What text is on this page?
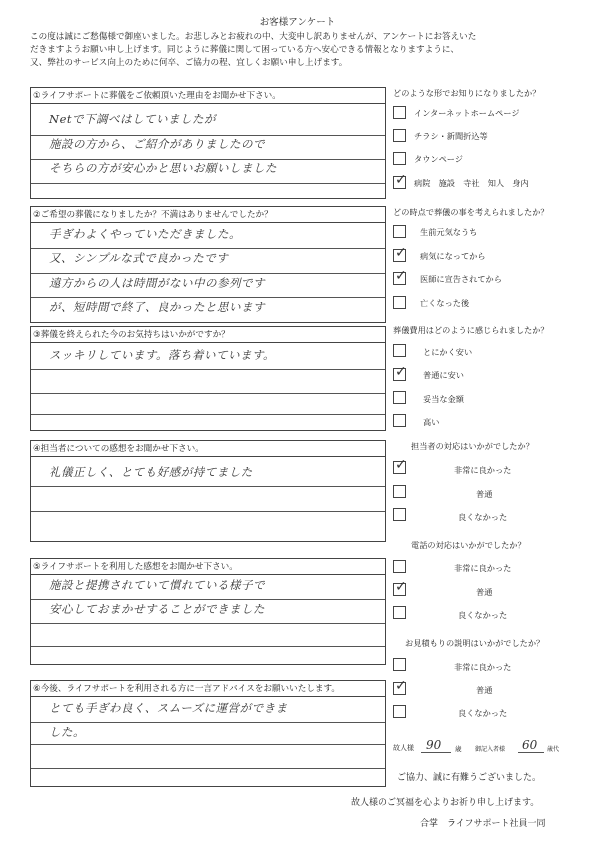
お客様アンケート
この度は誠にご愁傷様で御座いました。お悲しみとお疲れの中、大変申し訳ありませんが、アンケートにお答えいた
だきますようお願い申し上げます。同じように葬儀に関して困っている方へ安心できる情報となりますように、
又、弊社のサービス向上のために何卒、ご協力の程、宜しくお願い申し上げます。
①ライフサポートに葬儀をご依頼頂いた理由をお聞かせ下さい。
Netで下調べはしていましたが
施設の方から、ご紹介がありましたので
そちらの方が安心かと思いお願いしました
②ご希望の葬儀になりましたか？不満はありませんでしたか？
手ぎわよくやっていただきました。
又、シンプルな式で良かったです
遠方からの人は時間がない中の参列です
が、短時間で終了、良かったと思います
③葬儀を終えられた今のお気持ちはいかがですか？
スッキリしています。落ち着いています。
④担当者についての感想をお聞かせ下さい。
礼儀正しく、とても好感が持てました
⑤ライフサポートを利用した感想をお聞かせ下さい。
施設と提携されていて慣れている様子で
安心しておまかせすることができました
⑥今後、ライフサポートを利用される方に一言アドバイスをお願いいたします。
とても手ぎわ良く、スムーズに運営ができま
した。
どのような形でお知りになりましたか？
インターネットホームページ
チラシ・新聞折込等
タウンページ
✓ 病院　施設　寺社　知人　身内
どの時点で葬儀の事を考えられましたか？
生前元気なうち
✓ 病気になってから
✓ 医師に宣告されてから
亡くなった後
葬儀費用はどのように感じられましたか？
とにかく安い
✓ 普通に安い
妥当な金額
高い
担当者の対応はいかがでしたか？
✓	非常に良かった
普通
良くなかった
電話の対応はいかがでしたか？
非常に良かった
✓	普通
良くなかった
お見積もりの説明はいかがでしたか？
非常に良かった
✓	普通
良くなかった
故人様 90 歳 御記入者様 60 歳代
ご協力、誠に有難うございました。
故人様のご冥福を心よりお祈り申し上げます。
合掌　ライフサポート社員一同
